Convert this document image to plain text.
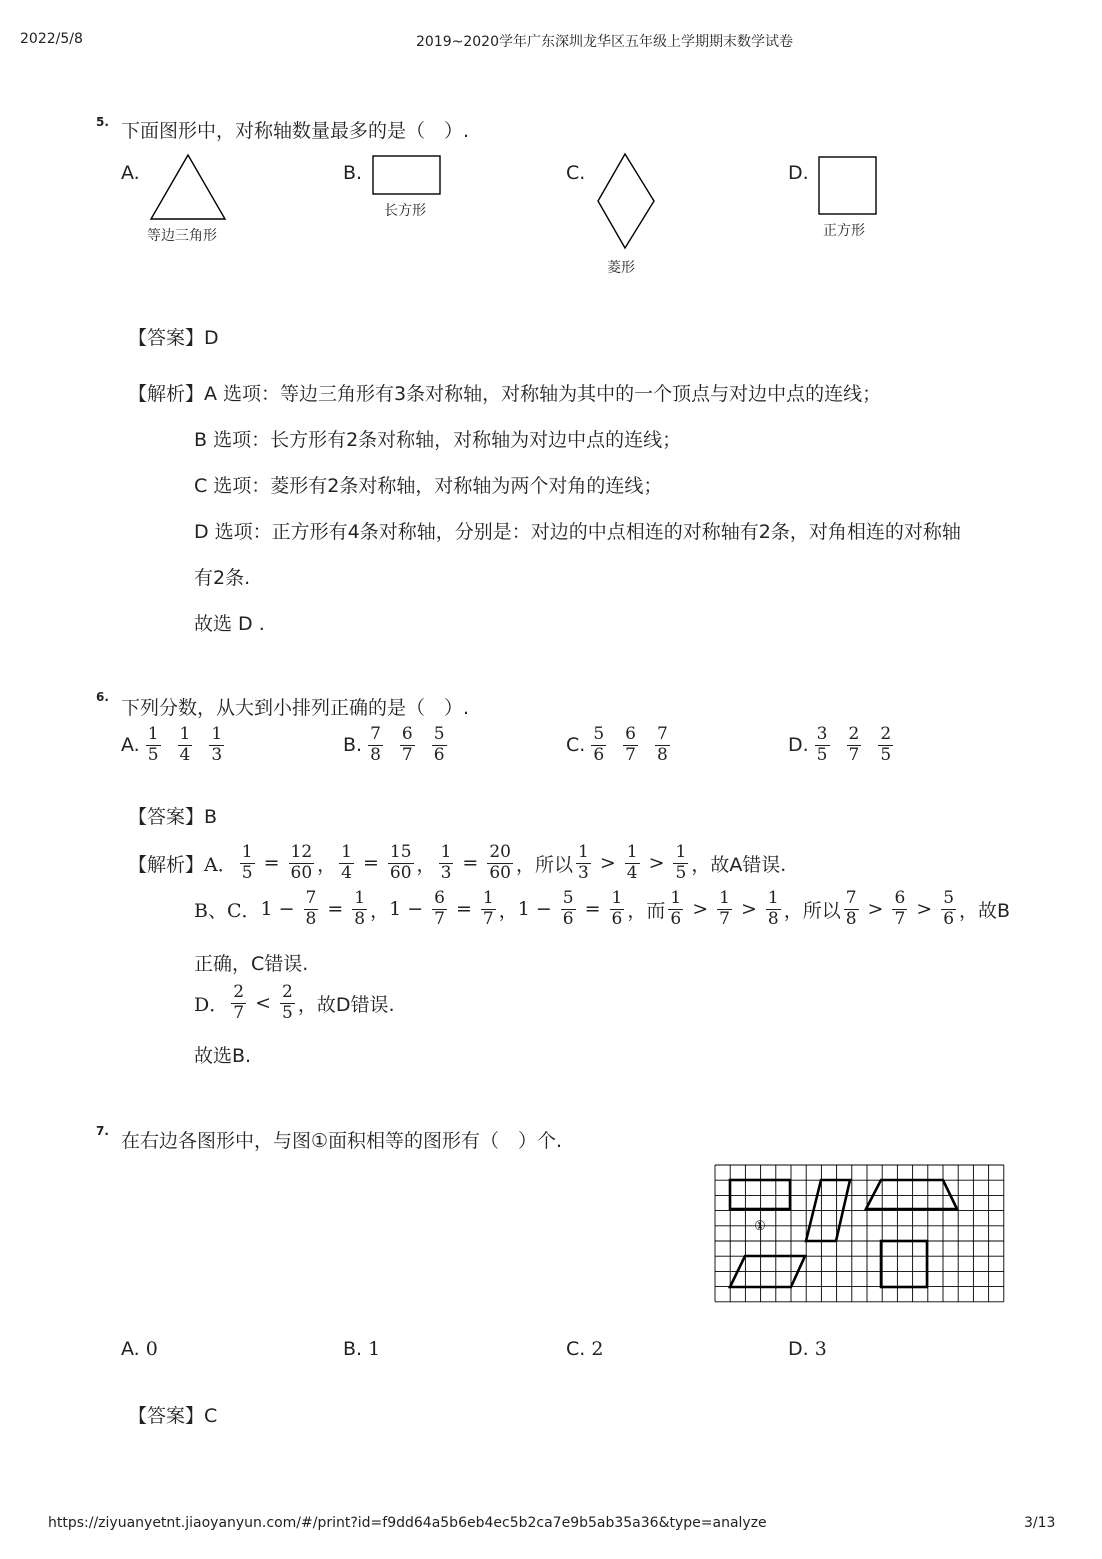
2022/5/8	2019~2020学年广东深圳龙华区五年级上学期期末数学试卷
5. 下面图形中，对称轴数量最多的是（　）.
A.
等边三角形
B.
长方形
C.
菱形
D.
正方形
【答案】D
【解析】A 选项：等边三角形有3条对称轴，对称轴为其中的一个顶点与对边中点的连线；
B 选项：长方形有2条对称轴，对称轴为对边中点的连线；
C 选项：菱形有2条对称轴，对称轴为两个对角的连线；
D 选项：正方形有4条对称轴，分别是：对边的中点相连的对称轴有2条，对角相连的对称轴
有2条.
故选 D .
6. 下列分数，从大到小排列正确的是（　）.
A. $\frac{1}{5} \frac{1}{4} \frac{1}{3}$	B. $\frac{7}{8} \frac{6}{7} \frac{5}{6}$	C. $\frac{5}{6} \frac{6}{7} \frac{7}{8}$	D. $\frac{3}{5} \frac{2}{7} \frac{2}{5}$
【答案】B
【解析】 A． $\frac{1}{5} = \frac{12}{60}$ ， $\frac{1}{4} = \frac{15}{60}$ ， $\frac{1}{3} = \frac{20}{60}$ ， 所以 $\frac{1}{3} > \frac{1}{4} > \frac{1}{5}$ ，故A错误.
B、C． $1 - \frac{7}{8} = \frac{1}{8}$ ， $1 - \frac{6}{7} = \frac{1}{7}$ ， $1 - \frac{5}{6} = \frac{1}{6}$ ， 而 $\frac{1}{6} > \frac{1}{7} > \frac{1}{8}$ ， 所以 $\frac{7}{8} > \frac{6}{7} > \frac{5}{6}$ ，故B
正确，C错误.
D． $\frac{2}{7} < \frac{2}{5}$ ，故D错误.
故选B.
7. 在右边各图形中，与图①面积相等的图形有（　）个.
①
A. 0	B. 1	C. 2	D. 3
【答案】C
https://ziyuanyetnt.jiaoyanyun.com/#/print?id=f9dd64a5b6eb4ec5b2ca7e9b5ab35a36&type=analyze	3/13
